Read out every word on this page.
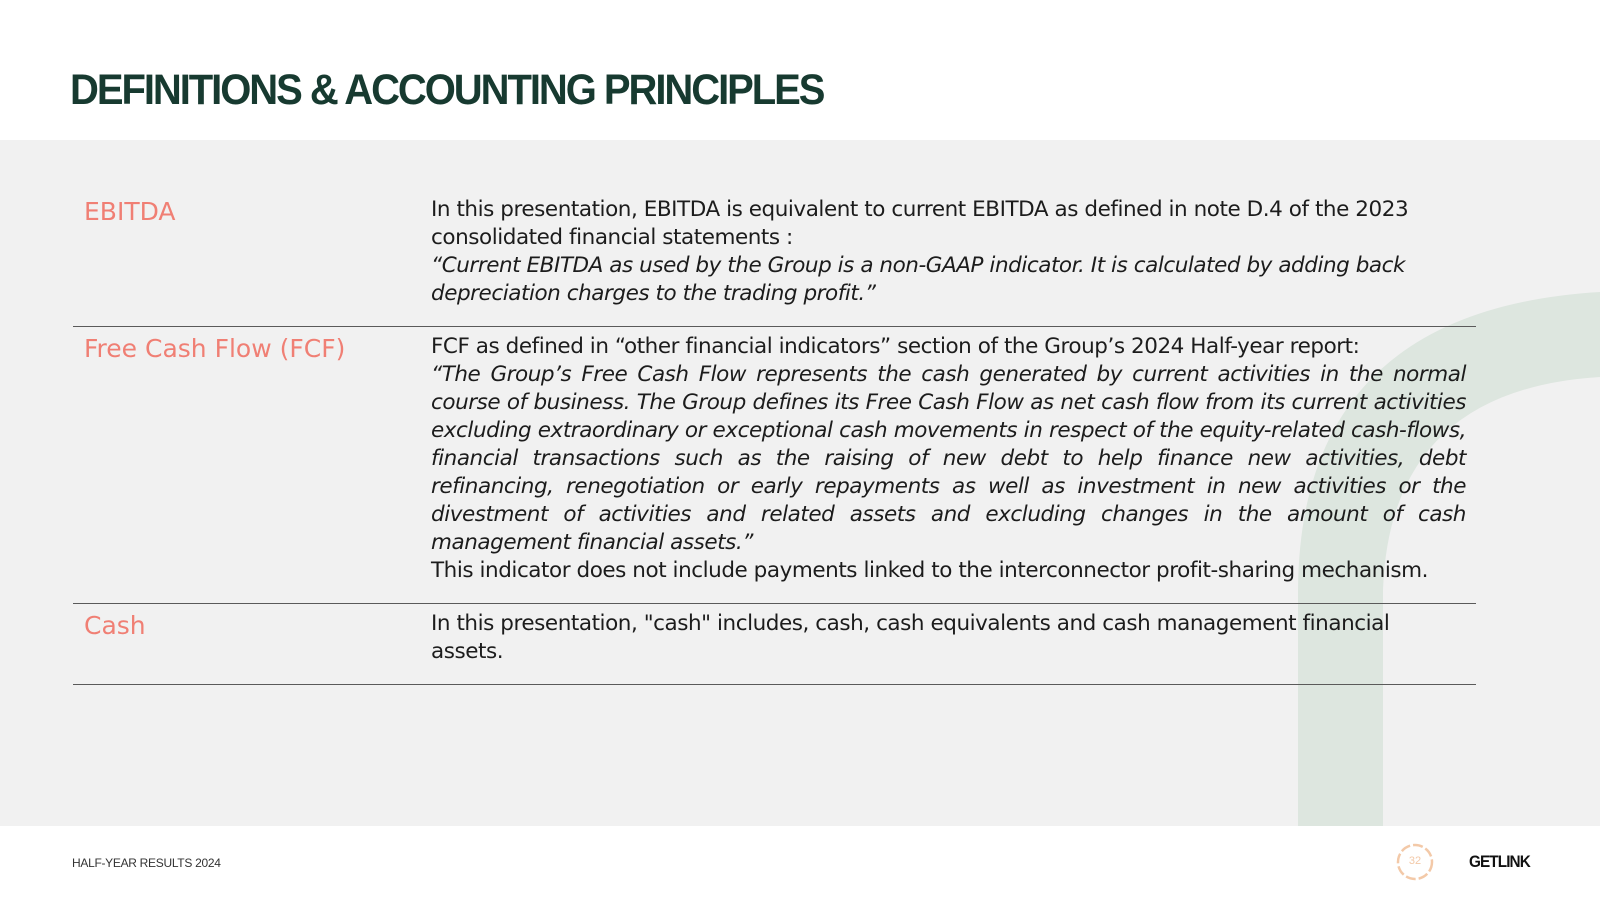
DEFINITIONS & ACCOUNTING PRINCIPLES
EBITDA	In this presentation, EBITDA is equivalent to current EBITDA as defined in note D.4 of the 2023 consolidated financial statements :

“Current EBITDA as used by the Group is a non-GAAP indicator. It is calculated by adding back depreciation charges to the trading profit.”

Free Cash Flow (FCF)	FCF as defined in “other financial indicators” section of the Group’s 2024 Half-year report:

“The Group’s Free Cash Flow represents the cash generated by current activities in the normal course of business. The Group defines its Free Cash Flow as net cash flow from its current activities excluding extraordinary or exceptional cash movements in respect of the equity-related cash-flows, financial transactions such as the raising of new debt to help finance new activities, debt refinancing, renegotiation or early repayments as well as investment in new activities or the divestment of activities and related assets and excluding changes in the amount of cash management financial assets.”

This indicator does not include payments linked to the interconnector profit-sharing mechanism.

Cash	In this presentation, "cash" includes, cash, cash equivalents and cash management financial assets.

HALF-YEAR RESULTS 2024	32	GETLINK
